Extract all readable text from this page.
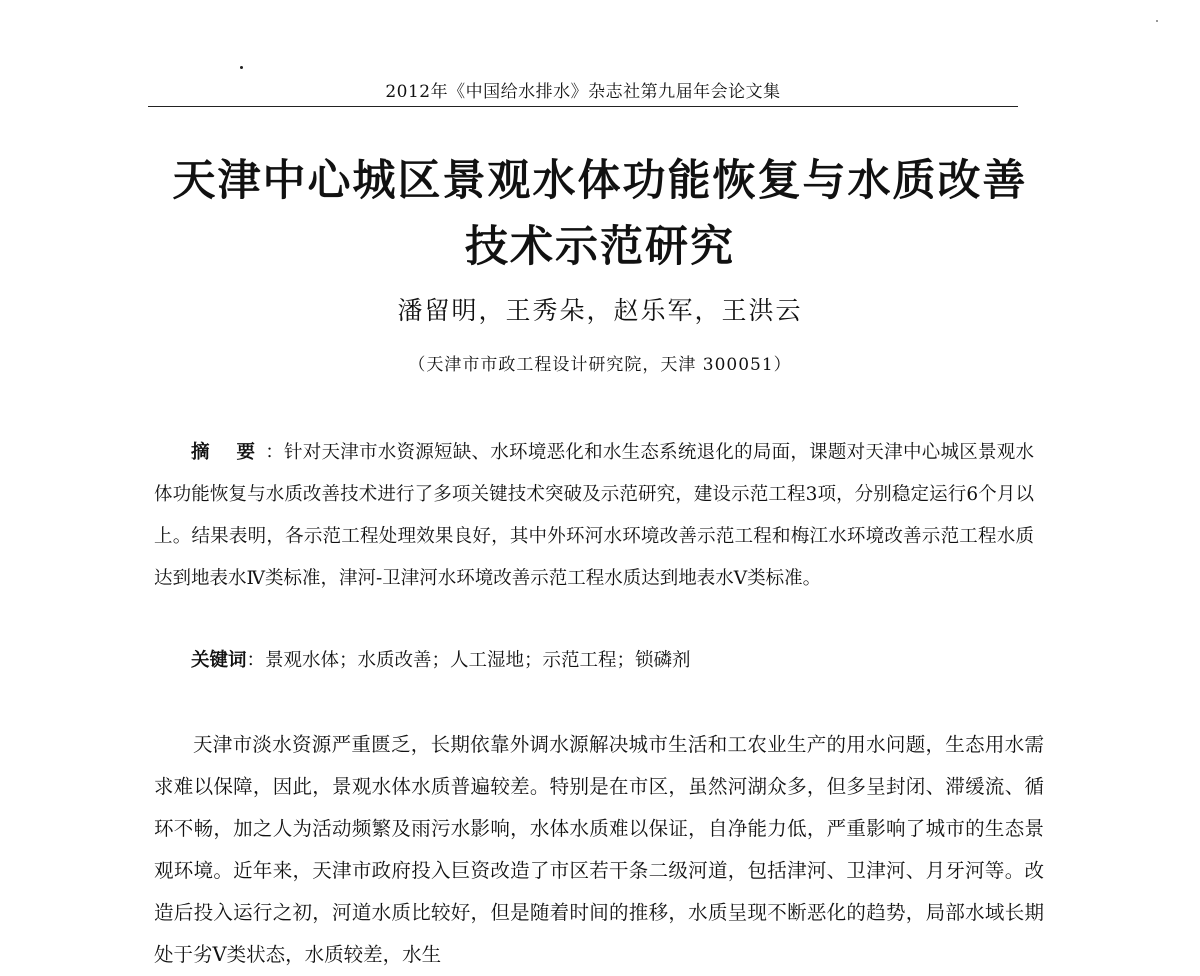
2012年《中国给水排水》杂志社第九届年会论文集
天津中心城区景观水体功能恢复与水质改善
技术示范研究
潘留明，王秀朵，赵乐军，王洪云
（天津市市政工程设计研究院，天津 300051）

摘 要：针对天津市水资源短缺、水环境恶化和水生态系统退化的局面，课题对天津中心城区景观水体功能恢复与水质改善技术进行了多项关键技术突破及示范研究，建设示范工程3项，分别稳定运行6个月以上。结果表明，各示范工程处理效果良好，其中外环河水环境改善示范工程和梅江水环境改善示范工程水质达到地表水Ⅳ类标准，津河-卫津河水环境改善示范工程水质达到地表水Ⅴ类标准。

关键词：景观水体；水质改善；人工湿地；示范工程；锁磷剂

天津市淡水资源严重匮乏，长期依靠外调水源解决城市生活和工农业生产的用水问题，生态用水需求难以保障，因此，景观水体水质普遍较差。特别是在市区，虽然河湖众多，但多呈封闭、滞缓流、循环不畅，加之人为活动频繁及雨污水影响，水体水质难以保证，自净能力低，严重影响了城市的生态景观环境。近年来，天津市政府投入巨资改造了市区若干条二级河道，包括津河、卫津河、月牙河等。改造后投入运行之初，河道水质比较好，但是随着时间的推移，水质呈现不断恶化的趋势，局部水域长期处于劣Ⅴ类状态，水质较差，水生
